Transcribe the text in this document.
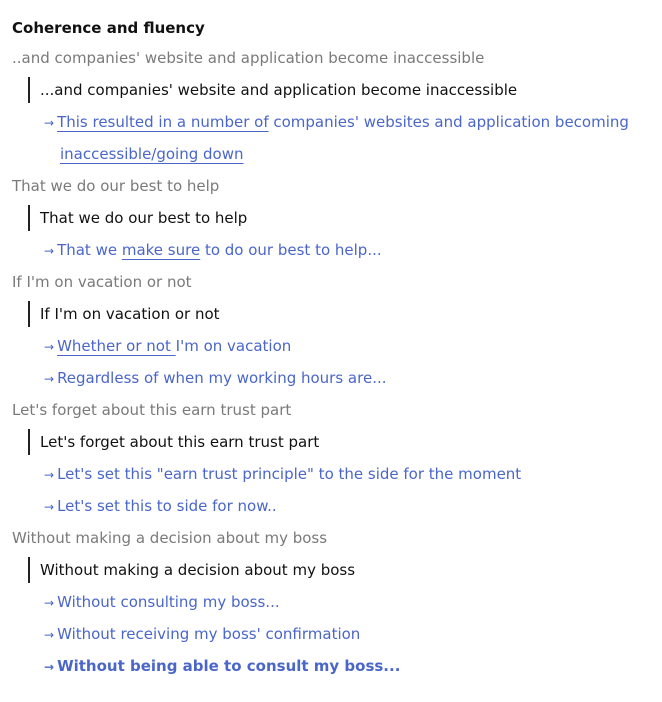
Coherence and fluency
..and companies' website and application become inaccessible
...and companies' website and application become inaccessible
→ This resulted in a number of companies' websites and application becoming
inaccessible/going down
That we do our best to help
That we do our best to help
→ That we make sure to do our best to help...
If I'm on vacation or not
If I'm on vacation or not
→ Whether or not I'm on vacation
→ Regardless of when my working hours are...
Let's forget about this earn trust part
Let's forget about this earn trust part
→ Let's set this "earn trust principle" to the side for the moment
→ Let's set this to side for now..
Without making a decision about my boss
Without making a decision about my boss
→ Without consulting my boss...
→ Without receiving my boss' confirmation
→ Without being able to consult my boss...
